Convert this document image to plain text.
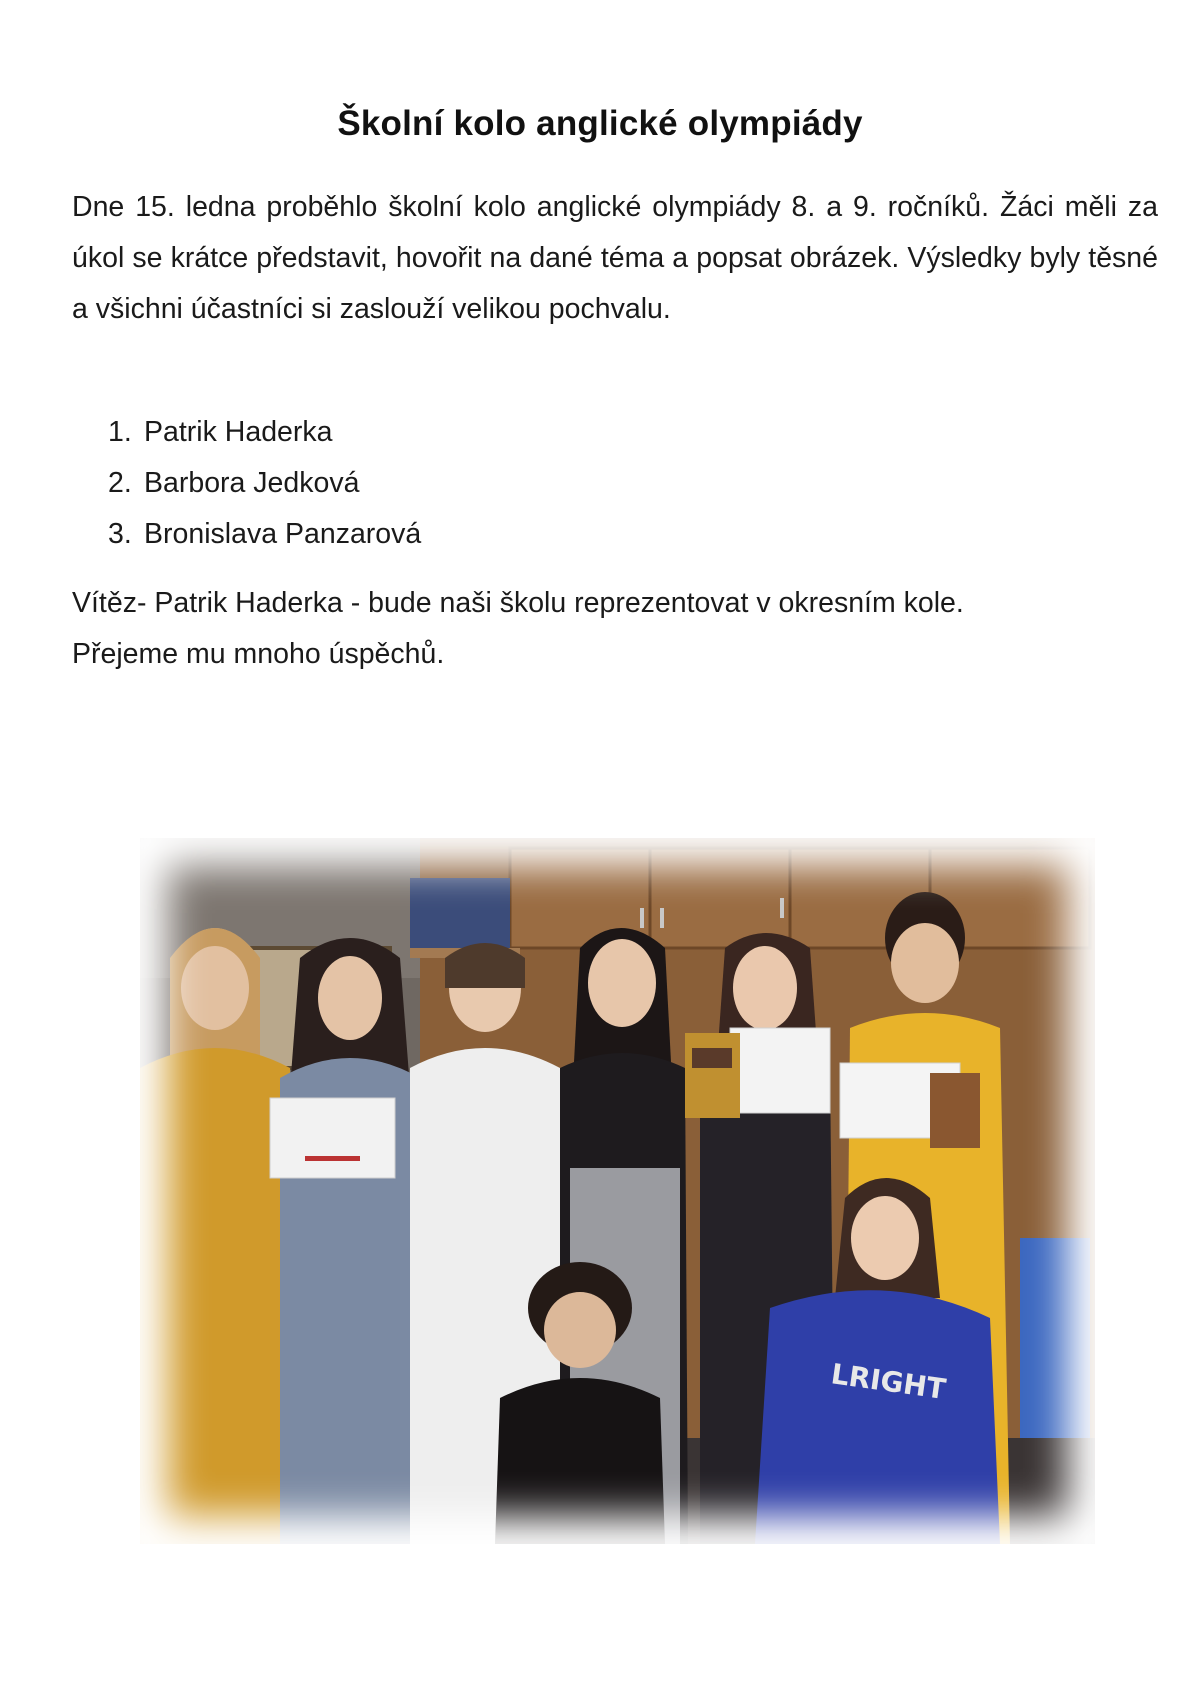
Školní kolo anglické olympiády

Dne 15. ledna proběhlo školní kolo anglické olympiády 8. a 9. ročníků. Žáci měli za úkol se krátce představit, hovořit na dané téma a popsat obrázek. Výsledky byly těsné a všichni účastníci si zaslouží velikou pochvalu.

1. Patrik Haderka
2. Barbora Jedková
3. Bronislava Panzarová

Vítěz- Patrik Haderka - bude naši školu reprezentovat v okresním kole.

Přejeme mu mnoho úspěchů.

LRIGHT
